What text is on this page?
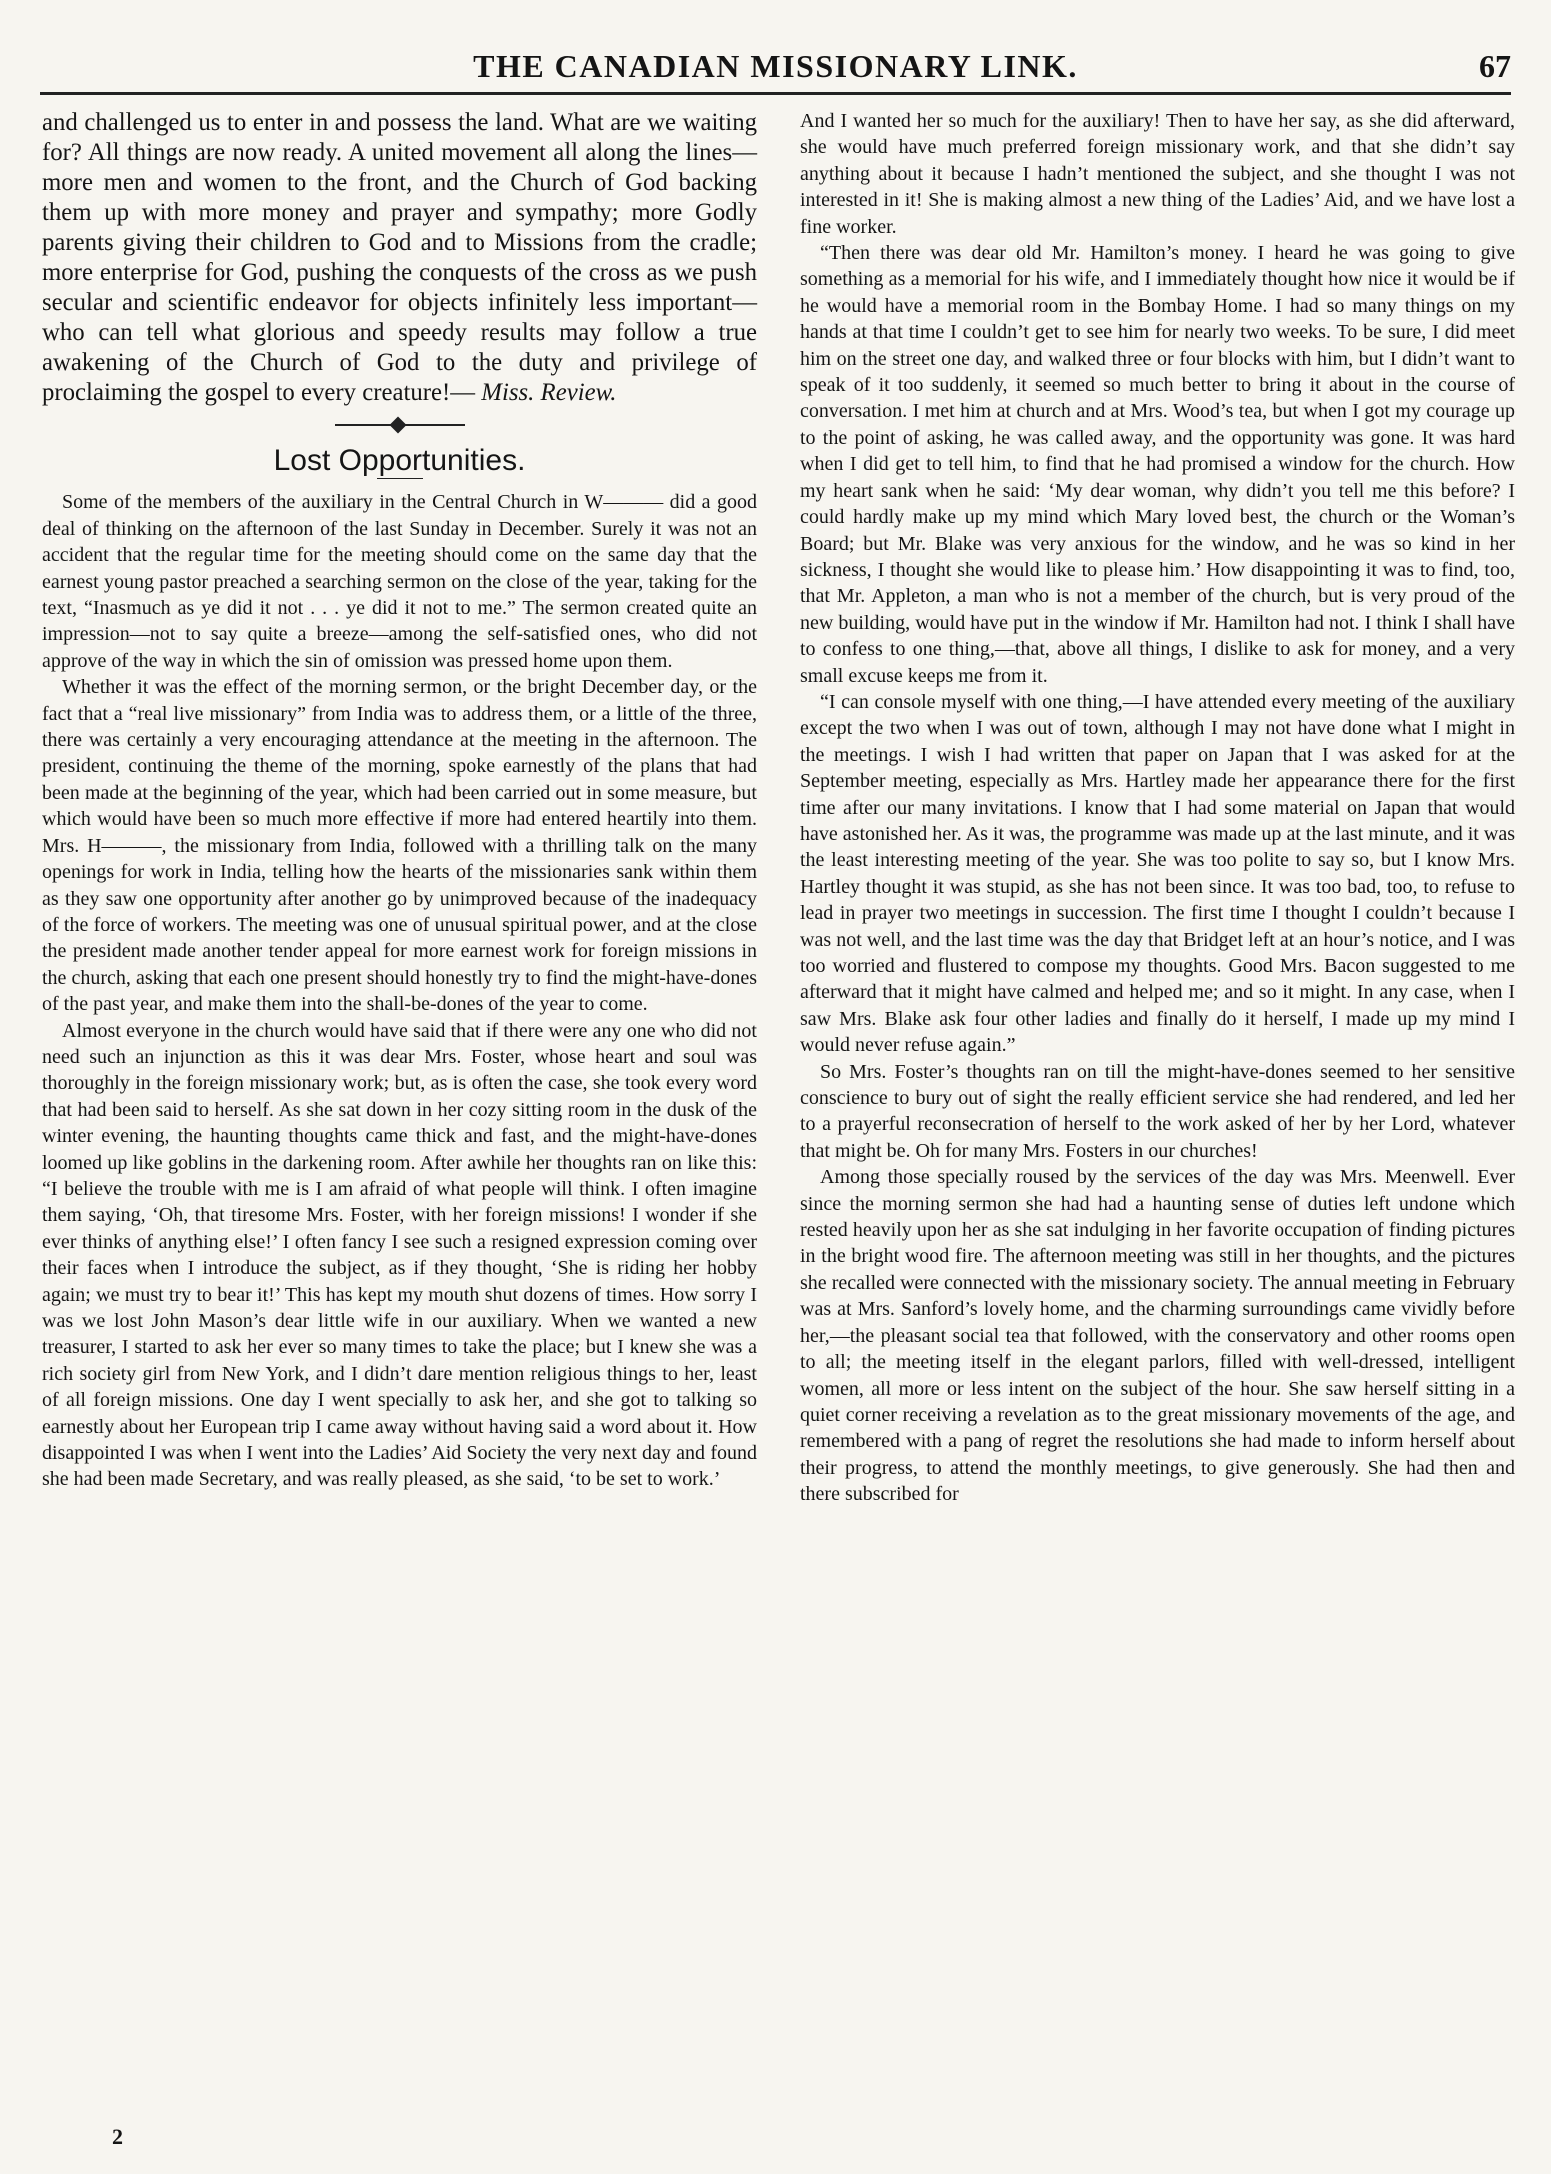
THE CANADIAN MISSIONARY LINK.	67

and challenged us to enter in and possess the land. What are we waiting for? All things are now ready. A united movement all along the lines—more men and women to the front, and the Church of God backing them up with more money and prayer and sympathy; more Godly parents giving their children to God and to Missions from the cradle; more enterprise for God, pushing the conquests of the cross as we push secular and scientific endeavor for objects infinitely less important—who can tell what glorious and speedy results may follow a true awakening of the Church of God to the duty and privilege of proclaiming the gospel to every creature!— Miss. Review.

Lost Opportunities.

Some of the members of the auxiliary in the Central Church in W——— did a good deal of thinking on the afternoon of the last Sunday in December. Surely it was not an accident that the regular time for the meeting should come on the same day that the earnest young pastor preached a searching sermon on the close of the year, taking for the text, “Inasmuch as ye did it not . . . ye did it not to me.” The sermon created quite an impression—not to say quite a breeze—among the self-satisfied ones, who did not approve of the way in which the sin of omission was pressed home upon them.

Whether it was the effect of the morning sermon, or the bright December day, or the fact that a “real live missionary” from India was to address them, or a little of the three, there was certainly a very encouraging attendance at the meeting in the afternoon. The president, continuing the theme of the morning, spoke earnestly of the plans that had been made at the beginning of the year, which had been carried out in some measure, but which would have been so much more effective if more had entered heartily into them. Mrs. H———, the missionary from India, followed with a thrilling talk on the many openings for work in India, telling how the hearts of the missionaries sank within them as they saw one opportunity after another go by unimproved because of the inadequacy of the force of workers. The meeting was one of unusual spiritual power, and at the close the president made another tender appeal for more earnest work for foreign missions in the church, asking that each one present should honestly try to find the might-have-dones of the past year, and make them into the shall-be-dones of the year to come.

Almost everyone in the church would have said that if there were any one who did not need such an injunction as this it was dear Mrs. Foster, whose heart and soul was thoroughly in the foreign missionary work; but, as is often the case, she took every word that had been said to herself. As she sat down in her cozy sitting room in the dusk of the winter evening, the haunting thoughts came thick and fast, and the might-have-dones loomed up like goblins in the darkening room. After awhile her thoughts ran on like this: “I believe the trouble with me is I am afraid of what people will think. I often imagine them saying, ‘Oh, that tiresome Mrs. Foster, with her foreign missions! I wonder if she ever thinks of anything else!’ I often fancy I see such a resigned expression coming over their faces when I introduce the subject, as if they thought, ‘She is riding her hobby again; we must try to bear it!’ This has kept my mouth shut dozens of times. How sorry I was we lost John Mason’s dear little wife in our auxiliary. When we wanted a new treasurer, I started to ask her ever so many times to take the place; but I knew she was a rich society girl from New York, and I didn’t dare mention religious things to her, least of all foreign missions. One day I went specially to ask her, and she got to talking so earnestly about her European trip I came away without having said a word about it. How disappointed I was when I went into the Ladies’ Aid Society the very next day and found she had been made Secretary, and was really pleased, as she said, ‘to be set to work.’

And I wanted her so much for the auxiliary! Then to have her say, as she did afterward, she would have much preferred foreign missionary work, and that she didn’t say anything about it because I hadn’t mentioned the subject, and she thought I was not interested in it! She is making almost a new thing of the Ladies’ Aid, and we have lost a fine worker.

“Then there was dear old Mr. Hamilton’s money. I heard he was going to give something as a memorial for his wife, and I immediately thought how nice it would be if he would have a memorial room in the Bombay Home. I had so many things on my hands at that time I couldn’t get to see him for nearly two weeks. To be sure, I did meet him on the street one day, and walked three or four blocks with him, but I didn’t want to speak of it too suddenly, it seemed so much better to bring it about in the course of conversation. I met him at church and at Mrs. Wood’s tea, but when I got my courage up to the point of asking, he was called away, and the opportunity was gone. It was hard when I did get to tell him, to find that he had promised a window for the church. How my heart sank when he said: ‘My dear woman, why didn’t you tell me this before? I could hardly make up my mind which Mary loved best, the church or the Woman’s Board; but Mr. Blake was very anxious for the window, and he was so kind in her sickness, I thought she would like to please him.’ How disappointing it was to find, too, that Mr. Appleton, a man who is not a member of the church, but is very proud of the new building, would have put in the window if Mr. Hamilton had not. I think I shall have to confess to one thing,—that, above all things, I dislike to ask for money, and a very small excuse keeps me from it.

“I can console myself with one thing,—I have attended every meeting of the auxiliary except the two when I was out of town, although I may not have done what I might in the meetings. I wish I had written that paper on Japan that I was asked for at the September meeting, especially as Mrs. Hartley made her appearance there for the first time after our many invitations. I know that I had some material on Japan that would have astonished her. As it was, the programme was made up at the last minute, and it was the least interesting meeting of the year. She was too polite to say so, but I know Mrs. Hartley thought it was stupid, as she has not been since. It was too bad, too, to refuse to lead in prayer two meetings in succession. The first time I thought I couldn’t because I was not well, and the last time was the day that Bridget left at an hour’s notice, and I was too worried and flustered to compose my thoughts. Good Mrs. Bacon suggested to me afterward that it might have calmed and helped me; and so it might. In any case, when I saw Mrs. Blake ask four other ladies and finally do it herself, I made up my mind I would never refuse again.”

So Mrs. Foster’s thoughts ran on till the might-have-dones seemed to her sensitive conscience to bury out of sight the really efficient service she had rendered, and led her to a prayerful reconsecration of herself to the work asked of her by her Lord, whatever that might be. Oh for many Mrs. Fosters in our churches!

Among those specially roused by the services of the day was Mrs. Meenwell. Ever since the morning sermon she had had a haunting sense of duties left undone which rested heavily upon her as she sat indulging in her favorite occupation of finding pictures in the bright wood fire. The afternoon meeting was still in her thoughts, and the pictures she recalled were connected with the missionary society. The annual meeting in February was at Mrs. Sanford’s lovely home, and the charming surroundings came vividly before her,—the pleasant social tea that followed, with the conservatory and other rooms open to all; the meeting itself in the elegant parlors, filled with well-dressed, intelligent women, all more or less intent on the subject of the hour. She saw herself sitting in a quiet corner receiving a revelation as to the great missionary movements of the age, and remembered with a pang of regret the resolutions she had made to inform herself about their progress, to attend the monthly meetings, to give generously. She had then and there subscribed for

2
